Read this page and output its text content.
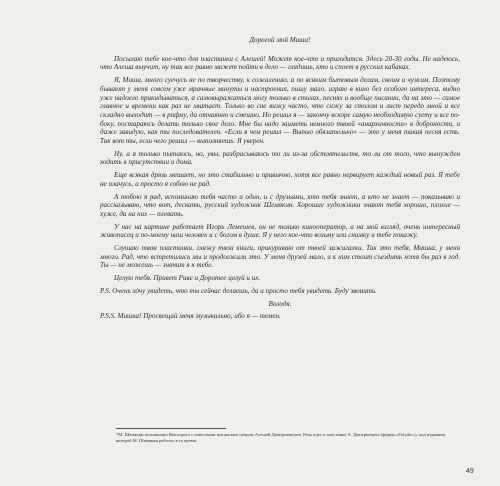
Дорогой мой Миша!

Посылаю тебе кое-что для пластинки с Алешей! Может кое-что и пригодится. Здесь 20-30 годы. Не надеюсь, что Алеша выучит, ну так все равно может пойти в дело — глядишь, кто и споет в русских кабаках.

Я, Миша, много суечусь не по творчеству, к сожалению, а по всяким бытовым делам, своим и чужим. Поэтому бывают у меня совсем уже мрачные минуты и настроения, пишу мало, играю в кино без особого интереса, видно уже надоело прикидываться, а самовыражаться могу только в стихах, песнях и вообще писании, да на это — самое главное и времени как раз не хватает. Только во сне вижу часто, что сижу за столом и лист передо мной и все складно выходит — в рифму, да отчаянно и смешно. Но решил я — закончу вскоре самую необходимую суету и все по-боку, постараюсь делать только свое дело. Мне бы надо заиметь немного твоей «анархичности» в доброности, и даже завидую, как ты последователен. «Если в чем решил — Выпью обязательно» — это у меня такая песня есть. Так вот ты, если чего решил — выполняешь. Я уверен.

Ну, а я только пытаюсь, но, увы, разбрасываюсь то ли из-за обстоятельств, то ли от того, что вынужден ходить в присутствии и дома.

Еще всякая дрязь мешает, но это стабильно и привычно, хотя все равно нервирует каждый новый раз. Я тебе не плачусь, а просто я собою не рад.

А тобою я рад, вспоминаю тебя часто и один, и с друзьями, кто тебя знает, а кто не знает — показываю и рассказываю, что вот, дескать, русский художник Шемякин. Хорошие художники знают тебя хорошо, плохие — хуже, да на них — плевать.

У нас на картине работает Игорь Лемешев, он не только кинооператор, а на мой взгляд, очень интересный живописец и по-моему наш человек и с богом в душе. Я у него кое-что возьму или снимку и тебе покажу.

Слушаю твои пластинки, гляжу твои книги, прикуриваю от твоей зажигалки. Так это тебя, Мишка, у меня много. Рад, что встретились мы и продолжили это. У меня друзей мало, и к ним стоит съездить хотя бы раз в год. Ты — не можешь — значит я к тебе.

Целую тебя. Привет Риве и Доротее целуй и их.

P.S. Очень хочу увидеть, что ты сейчас делаешь, да и просто тебя увидеть. Буду звонить.

Володя.

P.S.S. Мишка! Просвещай меня музыкально, ибо я — темен.

*М. Шемякин познакомил Высоцкого с известным цыганским певцом Алешей Дмитриевичем. Речь идет о пластинке А. Дмитриевича (фирма «Polydor»), над изданием которой М. Шемякин работал в то время.
49
